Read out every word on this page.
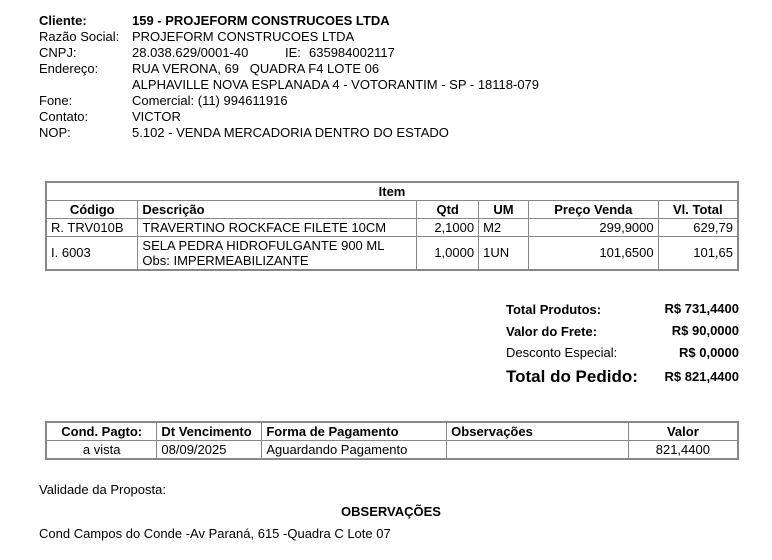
Cliente:	159 - PROJEFORM CONSTRUCOES LTDA
Razão Social: PROJEFORM CONSTRUCOES LTDA
CNPJ:	28.038.629/0001-40	IE: 635984002117
Endereço:	RUA VERONA, 69   QUADRA F4 LOTE 06
ALPHAVILLE NOVA ESPLANADA 4 - VOTORANTIM - SP - 18118-079
Fone:	Comercial: (11) 994611916
Contato:	VICTOR
NOP:	5.102 - VENDA MERCADORIA DENTRO DO ESTADO
Item					
Código	Descrição	Qtd	UM	Preço Venda	Vl. Total
R. TRV010B	TRAVERTINO ROCKFACE FILETE 10CM	2,1000	M2	299,9000	629,79
I. 6003	SELA PEDRA HIDROFULGANTE 900 ML
Obs: IMPERMEABILIZANTE	1,0000	1UN	101,6500	101,65
Total Produtos:	R$ 731,4400
Valor do Frete:	R$ 90,0000
Desconto Especial:	R$ 0,0000
Total do Pedido: R$ 821,4400
Cond. Pagto:	Dt Vencimento	Forma de Pagamento	Observações	Valor
a vista	08/09/2025	Aguardando Pagamento		821,4400
Validade da Proposta:
OBSERVAÇÕES
Cond Campos do Conde -Av Paraná, 615 -Quadra C Lote 07
